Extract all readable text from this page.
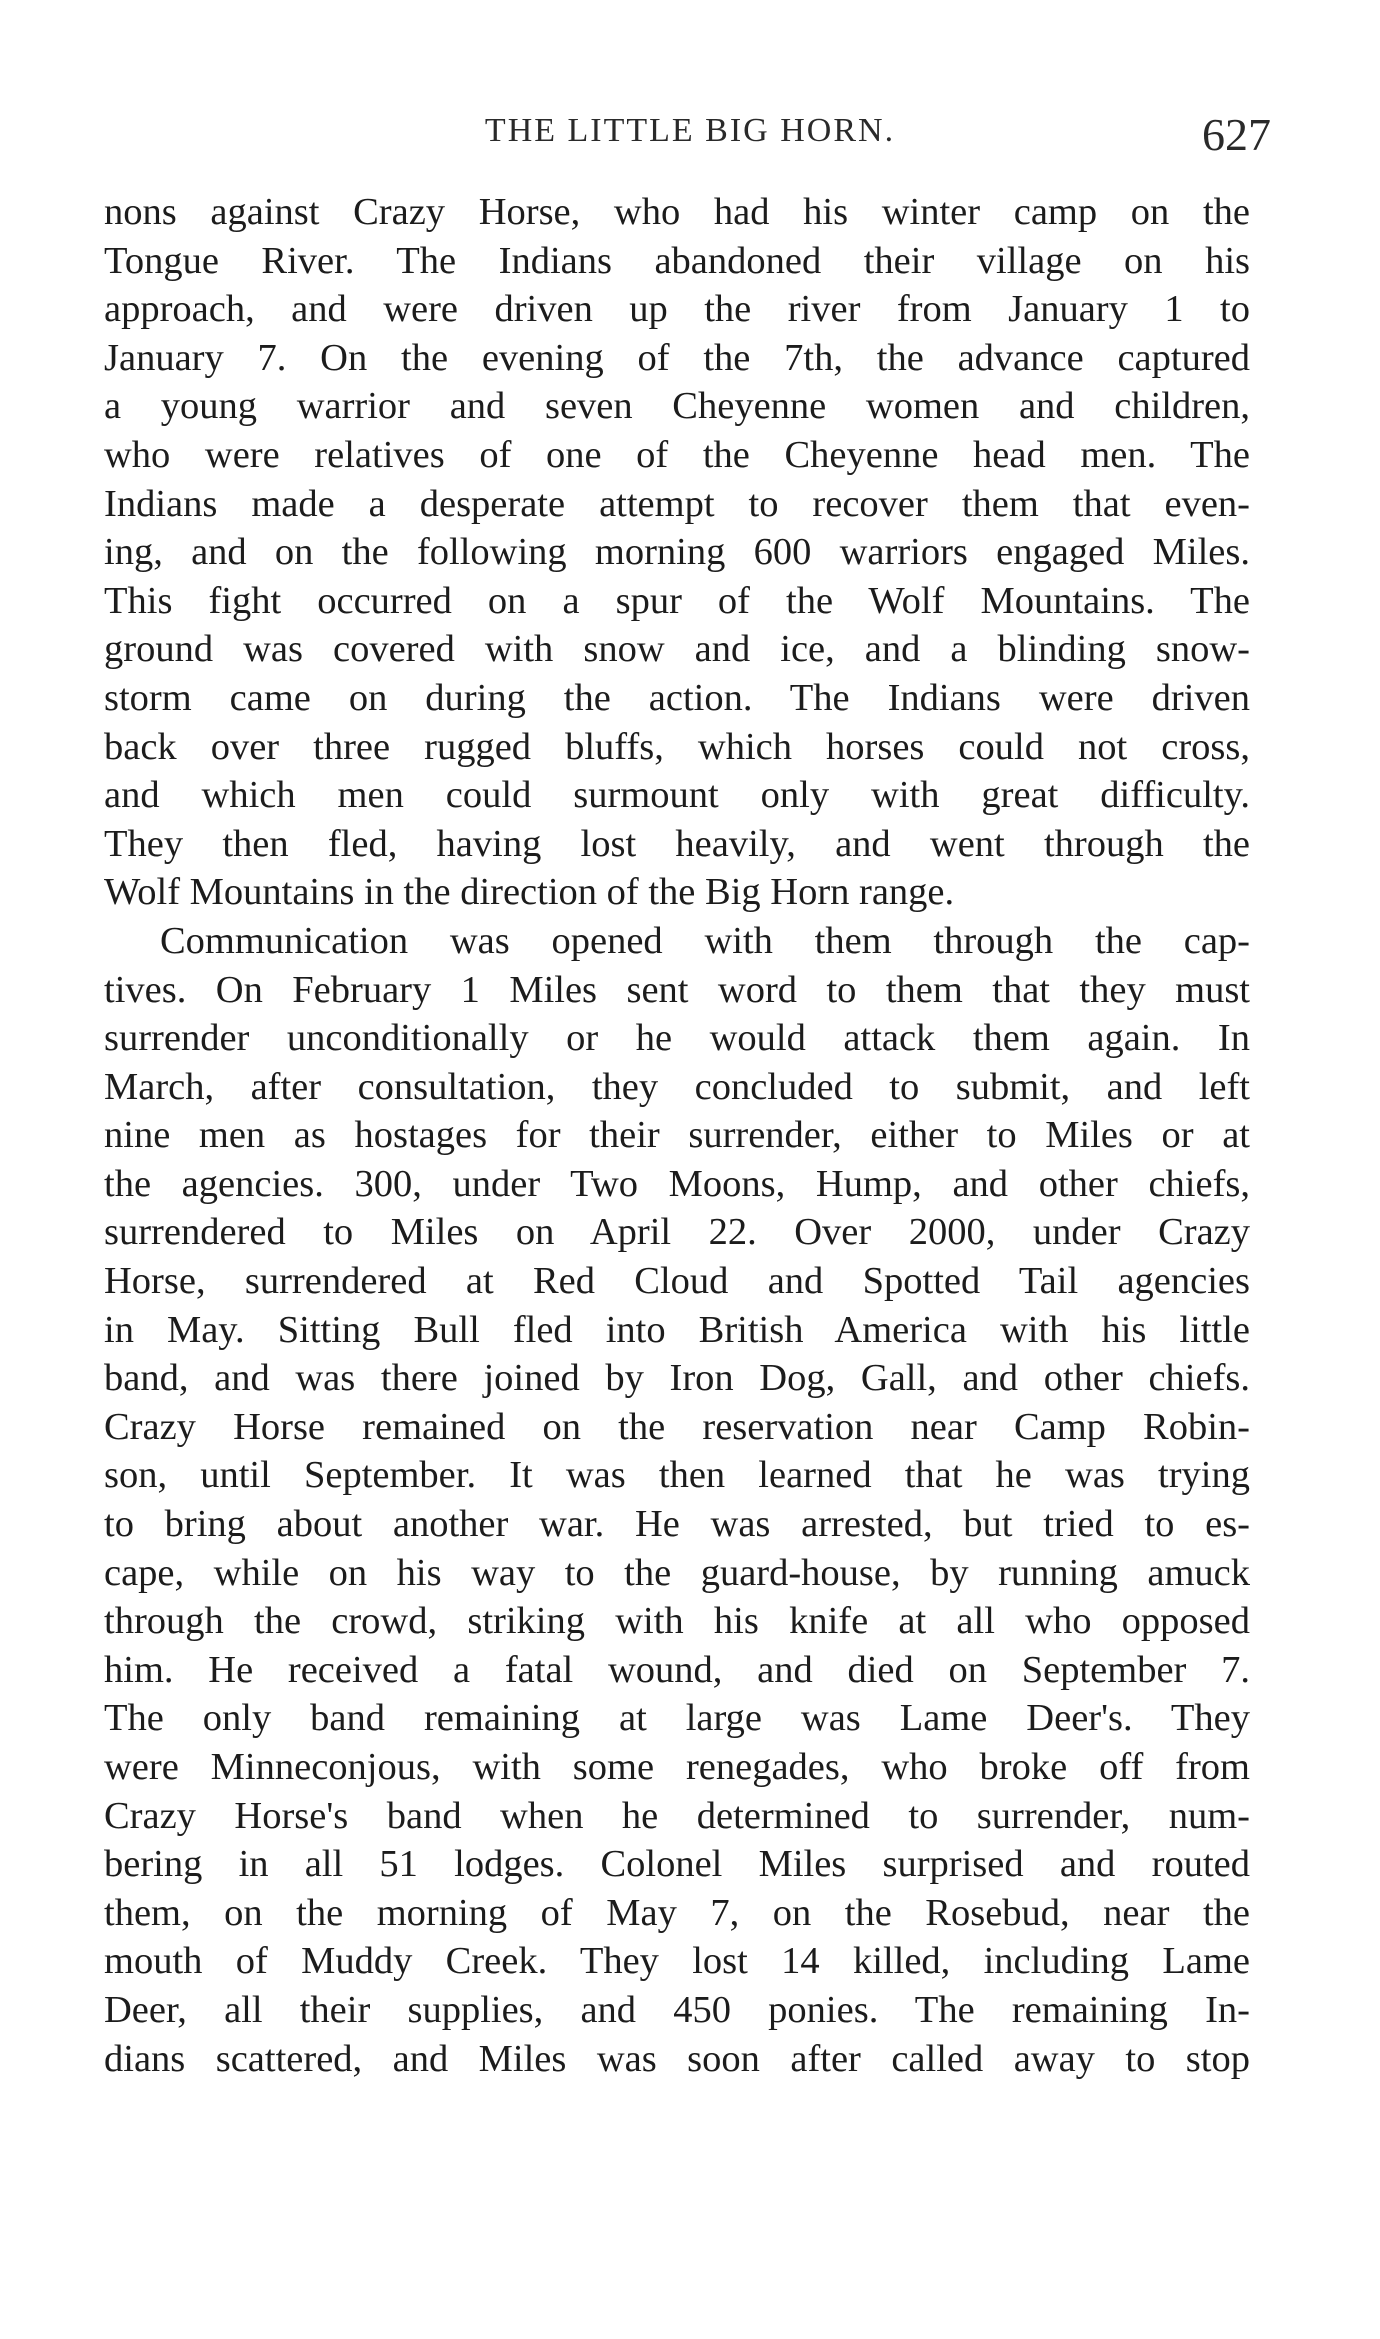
THE LITTLE BIG HORN.	627
nons against Crazy Horse, who had his winter camp on the
Tongue River. The Indians abandoned their village on his
approach, and were driven up the river from January 1 to
January 7. On the evening of the 7th, the advance captured
a young warrior and seven Cheyenne women and children,
who were relatives of one of the Cheyenne head men. The
Indians made a desperate attempt to recover them that even-
ing, and on the following morning 600 warriors engaged Miles.
This fight occurred on a spur of the Wolf Mountains. The
ground was covered with snow and ice, and a blinding snow-
storm came on during the action. The Indians were driven
back over three rugged bluffs, which horses could not cross,
and which men could surmount only with great difficulty.
They then fled, having lost heavily, and went through the
Wolf Mountains in the direction of the Big Horn range.
Communication was opened with them through the cap-
tives. On February 1 Miles sent word to them that they must
surrender unconditionally or he would attack them again. In
March, after consultation, they concluded to submit, and left
nine men as hostages for their surrender, either to Miles or at
the agencies. 300, under Two Moons, Hump, and other chiefs,
surrendered to Miles on April 22. Over 2000, under Crazy
Horse, surrendered at Red Cloud and Spotted Tail agencies
in May. Sitting Bull fled into British America with his little
band, and was there joined by Iron Dog, Gall, and other chiefs.
Crazy Horse remained on the reservation near Camp Robin-
son, until September. It was then learned that he was trying
to bring about another war. He was arrested, but tried to es-
cape, while on his way to the guard-house, by running amuck
through the crowd, striking with his knife at all who opposed
him. He received a fatal wound, and died on September 7.
The only band remaining at large was Lame Deer's. They
were Minneconjous, with some renegades, who broke off from
Crazy Horse's band when he determined to surrender, num-
bering in all 51 lodges. Colonel Miles surprised and routed
them, on the morning of May 7, on the Rosebud, near the
mouth of Muddy Creek. They lost 14 killed, including Lame
Deer, all their supplies, and 450 ponies. The remaining In-
dians scattered, and Miles was soon after called away to stop
